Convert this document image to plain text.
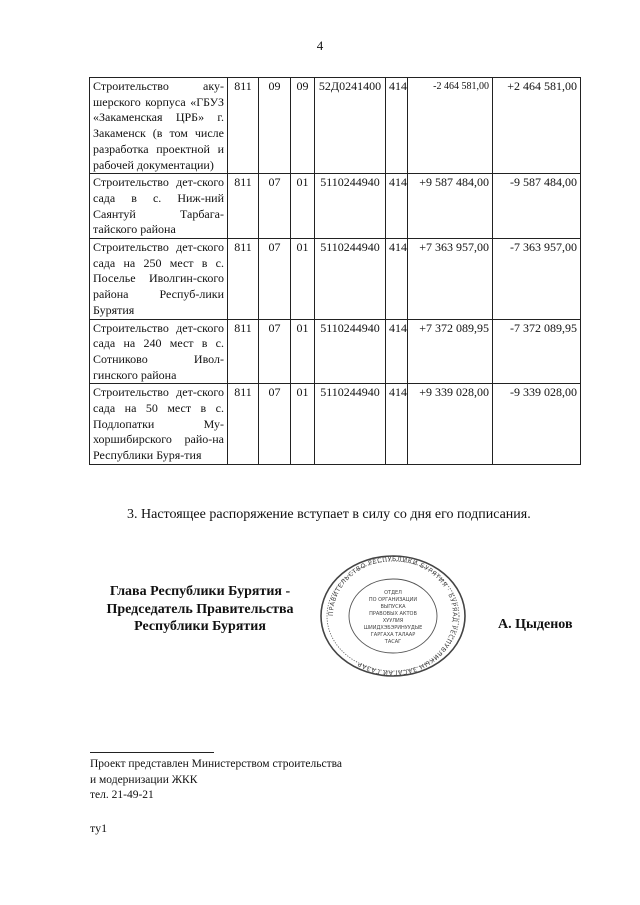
4
Строительство аку-шерского корпуса «ГБУЗ «Закаменская ЦРБ» г. Закаменск (в том числе разработка проектной и рабочей документации)	811	09	09	52Д0241400	414	-2 464 581,00	+2 464 581,00
Строительство дет-ского сада в с. Ниж-ний Саянтуй Тарбага-тайского района	811	07	01	5110244940	414	+9 587 484,00	-9 587 484,00
Строительство дет-ского сада на 250 мест в с. Поселье Иволгин-ского района Респуб-лики Бурятия	811	07	01	5110244940	414	+7 363 957,00	-7 363 957,00
Строительство дет-ского сада на 240 мест в с. Сотниково Ивол-гинского района	811	07	01	5110244940	414	+7 372 089,95	-7 372 089,95
Строительство дет-ского сада на 50 мест в с. Подлопатки Му-хоршибирского райо-на Республики Буря-тия	811	07	01	5110244940	414	+9 339 028,00	-9 339 028,00
3. Настоящее распоряжение вступает в силу со дня его подписания.
Глава Республики Бурятия -
Председатель Правительства
Республики Бурятия
ПРАВИТЕЛЬСТВО РЕСПУБЛИКИ БУРЯТИЯ · БУРЯАД РЕСПУБЛИКЫН ЗАСАГАЙ ГАЗАР
ОТДЕЛ
ПО ОРГАНИЗАЦИИ
ВЫПУСКА
ПРАВОВЫХ АКТОВ
ХУУЛИЯ
ШИИДХЭБЭРИНУУДЫЕ
ГАРГАХА ТАЛААР
ТАСАГ
А. Цыденов
Проект представлен Министерством строительства
и модернизации ЖКК
тел. 21-49-21
ту1
